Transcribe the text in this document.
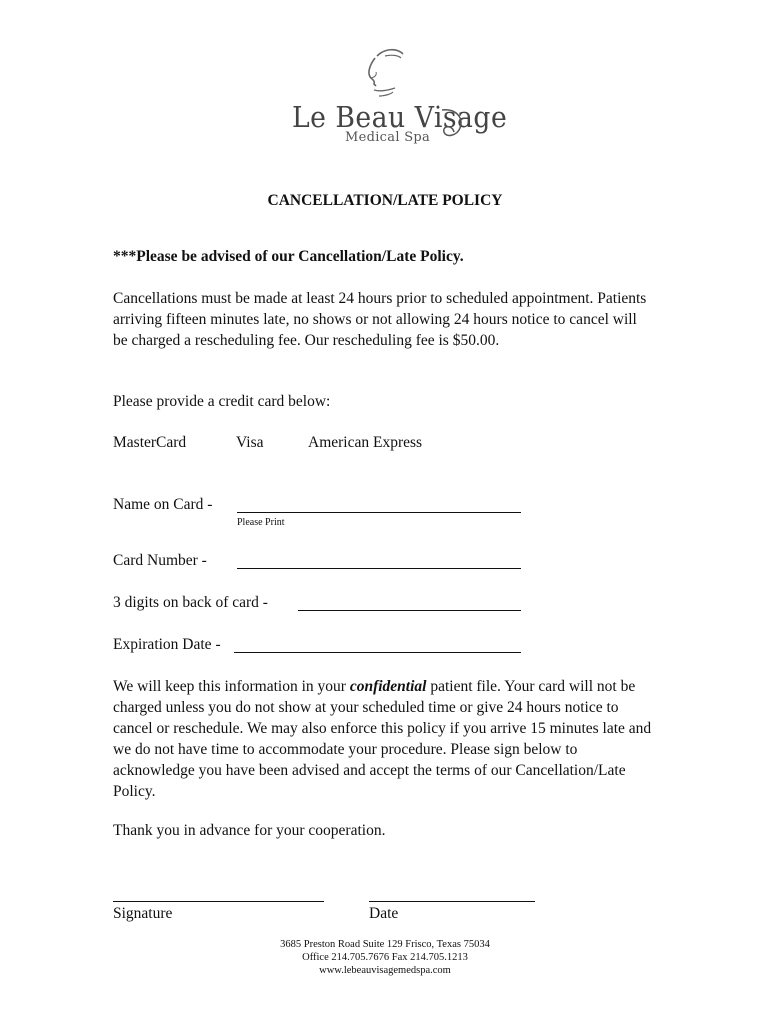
Le Beau Visage
Medical Spa
CANCELLATION/LATE POLICY
***Please be advised of our Cancellation/Late Policy.
Cancellations must be made at least 24 hours prior to scheduled appointment. Patients arriving fifteen minutes late, no shows or not allowing 24 hours notice to cancel will be charged a rescheduling fee. Our rescheduling fee is $50.00.
Please provide a credit card below:
MasterCard	Visa	American Express
Name on Card -
Please Print
Card Number -
3 digits on back of card -
Expiration Date -
We will keep this information in your confidential patient file. Your card will not be charged unless you do not show at your scheduled time or give 24 hours notice to cancel or reschedule. We may also enforce this policy if you arrive 15 minutes late and we do not have time to accommodate your procedure. Please sign below to acknowledge you have been advised and accept the terms of our Cancellation/Late Policy.
Thank you in advance for your cooperation.
Signature	Date
3685 Preston Road Suite 129 Frisco, Texas 75034
Office 214.705.7676 Fax 214.705.1213
www.lebeauvisagemedspa.com
